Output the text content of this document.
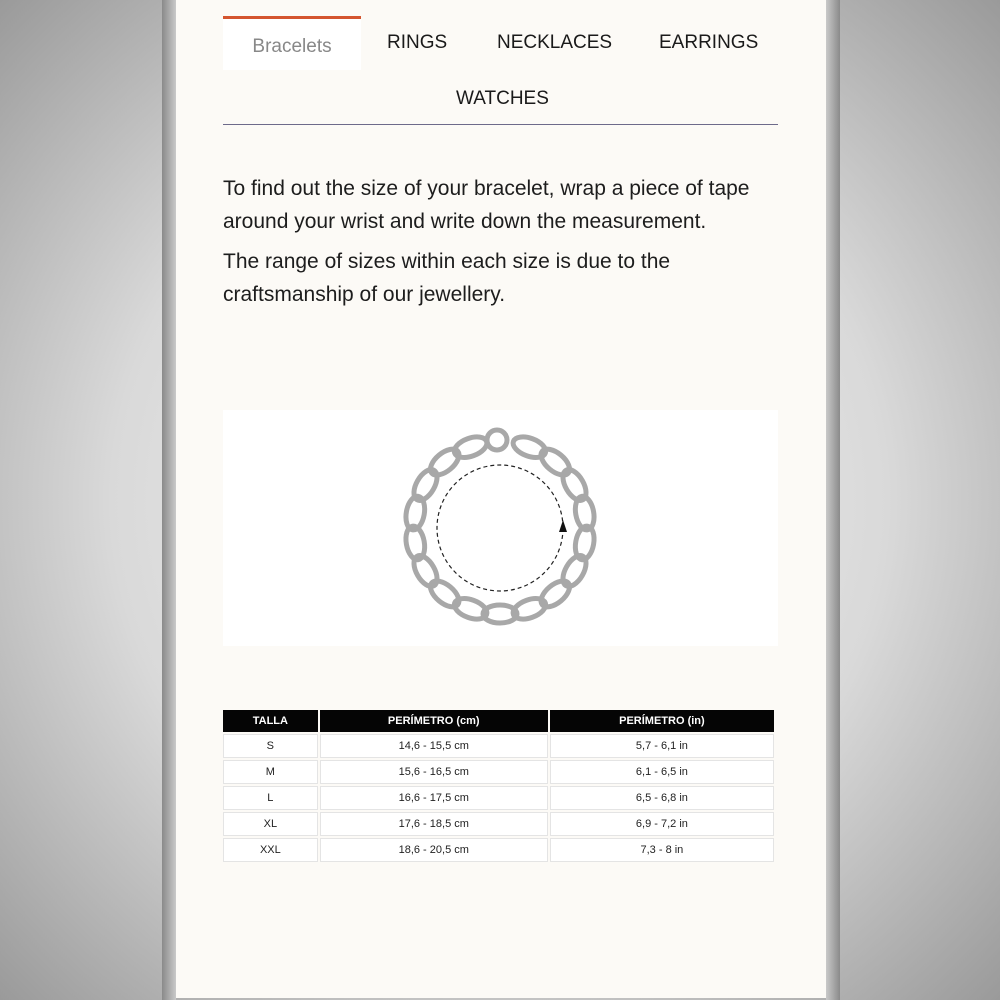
Bracelets	RINGS	NECKLACES EARRINGS
WATCHES

To find out the size of your bracelet, wrap a piece of tape around your wrist and write down the measurement.

The range of sizes within each size is due to the craftsmanship of our jewellery.

TALLA	PERÍMETRO (cm)	PERÍMETRO (in)
S	14,6 - 15,5 cm	5,7 - 6,1 in
M	15,6 - 16,5 cm	6,1 - 6,5 in
L	16,6 - 17,5 cm	6,5 - 6,8 in
XL	17,6 - 18,5 cm	6,9 - 7,2 in
XXL	18,6 - 20,5 cm	7,3 - 8 in
